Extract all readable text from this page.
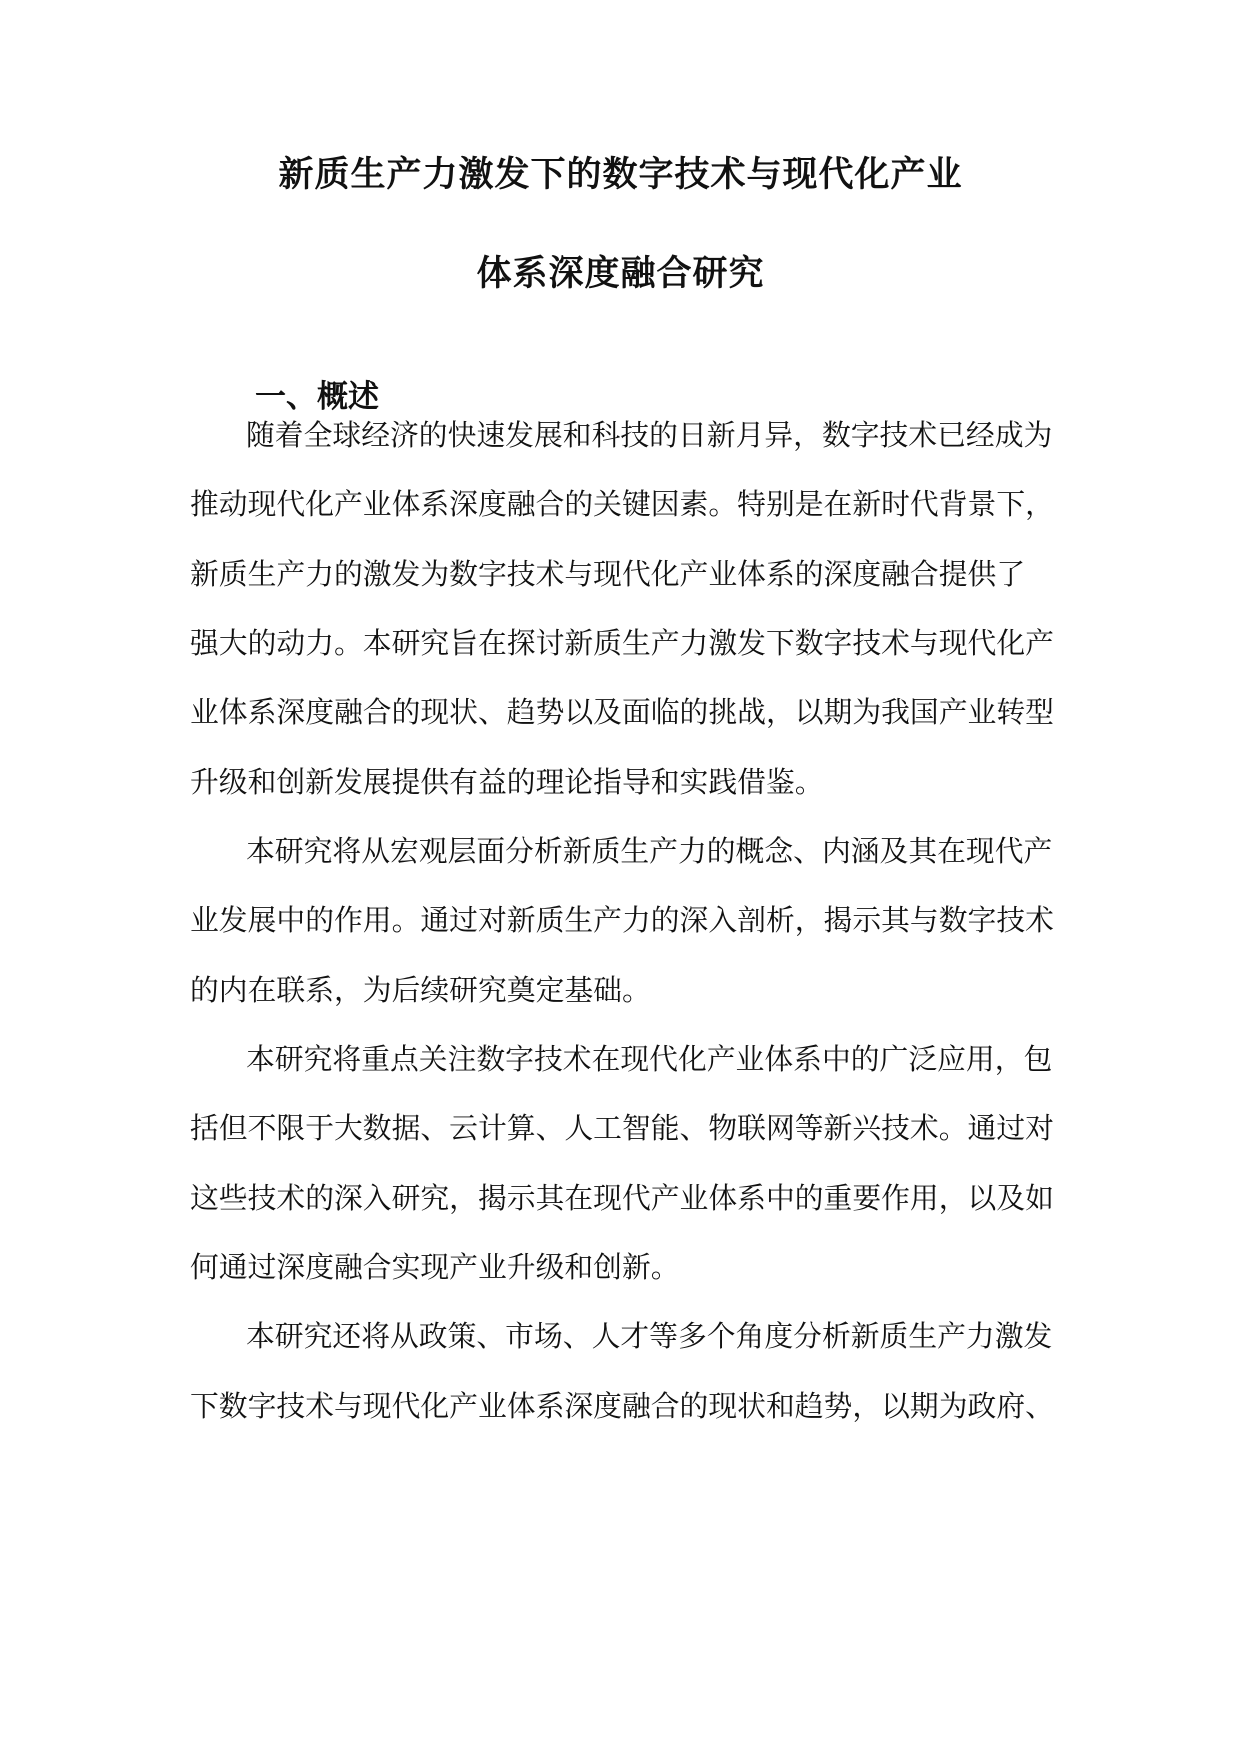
新质生产力激发下的数字技术与现代化产业
体系深度融合研究
一、概述
随着全球经济的快速发展和科技的日新月异，数字技术已经成为
推动现代化产业体系深度融合的关键因素。特别是在新时代背景下，
新质生产力的激发为数字技术与现代化产业体系的深度融合提供了
强大的动力。本研究旨在探讨新质生产力激发下数字技术与现代化产
业体系深度融合的现状、趋势以及面临的挑战，以期为我国产业转型
升级和创新发展提供有益的理论指导和实践借鉴。
本研究将从宏观层面分析新质生产力的概念、内涵及其在现代产
业发展中的作用。通过对新质生产力的深入剖析，揭示其与数字技术
的内在联系，为后续研究奠定基础。
本研究将重点关注数字技术在现代化产业体系中的广泛应用，包
括但不限于大数据、云计算、人工智能、物联网等新兴技术。通过对
这些技术的深入研究，揭示其在现代产业体系中的重要作用，以及如
何通过深度融合实现产业升级和创新。
本研究还将从政策、市场、人才等多个角度分析新质生产力激发
下数字技术与现代化产业体系深度融合的现状和趋势，以期为政府、
